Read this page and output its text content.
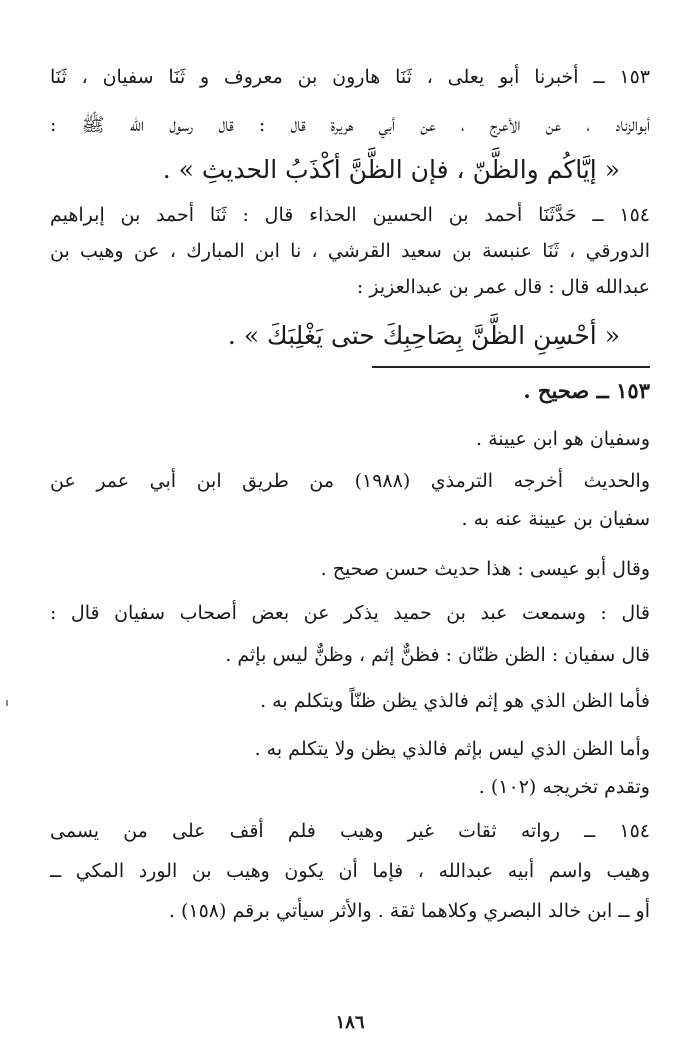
١٥٣ ــ أخبرنا أبو يعلى ، ثَنَا هارون بن معروف و ثَنَا سفيان ، ثَنَا
أبوالزناد ، عن الأعرج ، عن أبي هريرة قال : قال رسول الله ﷺ :
« إيَّاكُم والظَّنّ ، فإن الظَّنَّ أكْذَبُ الحديثِ » .
١٥٤ ــ حَدَّثَنَا أحمد بن الحسين الحذاء قال : ثَنَا أحمد بن إبراهيم
الدورقي ، ثَنَا عنبسة بن سعيد القرشي ، نا ابن المبارك ، عن وهيب بن
عبدالله قال : قال عمر بن عبدالعزيز :
« أحْسِنِ الظَّنَّ بِصَاحِبِكَ حتى يَغْلِبَكَ » .
١٥٣ ــ صحيح .
وسفيان هو ابن عيينة .
والحديث أخرجه الترمذي (١٩٨٨) من طريق ابن أبي عمر عن
سفيان بن عيينة عنه به .
وقال أبو عيسى : هذا حديث حسن صحيح .
قال : وسمعت عبد بن حميد يذكر عن بعض أصحاب سفيان قال :
قال سفيان : الظن ظنّان : فظنٌّ إثم ، وظنٌّ ليس بإثم .
فأما الظن الذي هو إثم فالذي يظن ظنّاً ويتكلم به .
وأما الظن الذي ليس بإثم فالذي يظن ولا يتكلم به .
وتقدم تخريجه (١٠٢) .
١٥٤ ــ رواته ثقات غير وهيب فلم أقف على من يسمى
وهيب واسم أبيه عبدالله ، فإما أن يكون وهيب بن الورد المكي ــ
أو ــ ابن خالد البصري وكلاهما ثقة . والأثر سيأتي برقم (١٥٨) .
١٨٦
